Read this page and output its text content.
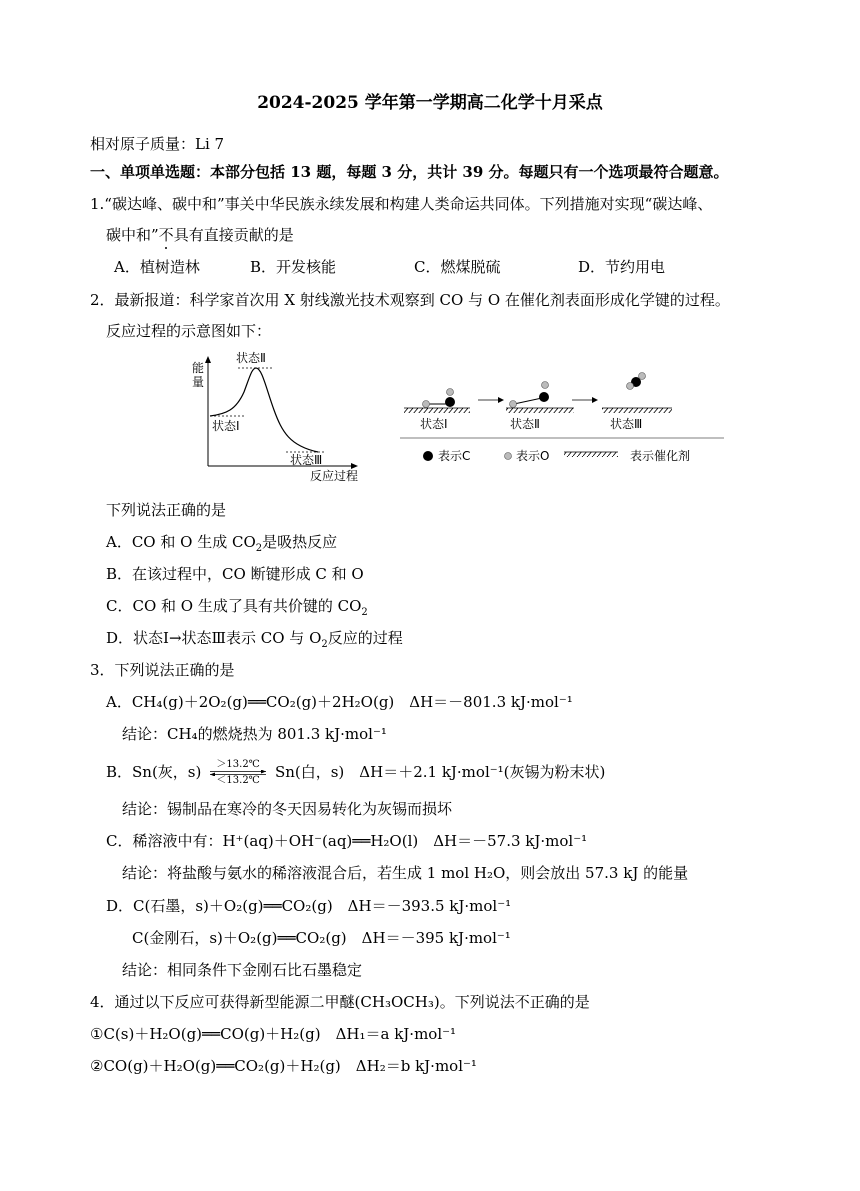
2024-2025 学年第一学期高二化学十月采点
相对原子质量：Li 7
一、单项单选题：本部分包括 13 题，每题 3 分，共计 39 分。每题只有一个选项最符合题意。
1.“碳达峰、碳中和”事关中华民族永续发展和构建人类命运共同体。下列措施对实现“碳达峰、
碳中和”不具有直接贡献的是
A．植树造林	B．开发核能	C．燃煤脱硫	D．节约用电
2．最新报道：科学家首次用 X 射线激光技术观察到 CO 与 O 在催化剂表面形成化学键的过程。
反应过程的示意图如下：
能
量
状态Ⅱ
状态Ⅰ
状态Ⅲ
反应过程
状态Ⅰ	状态Ⅱ	状态Ⅲ
表示C	表示O	表示催化剂
下列说法正确的是
A．CO 和 O 生成 $CO_2$是吸热反应
B．在该过程中，CO 断键形成 C 和 O
C．CO 和 O 生成了具有共价键的 $CO_2$
D．状态Ⅰ→状态Ⅲ表示 CO 与 $O_2$反应的过程
3．下列说法正确的是
A．CH₄(g)＋2O₂(g)══CO₂(g)＋2H₂O(g)　ΔH＝－801.3 kJ·mol⁻¹
结论：CH₄的燃烧热为 801.3 kJ·mol⁻¹
B．Sn(灰，s)	＞13.2℃
＜13.2℃	Sn(白，s)　ΔH＝＋2.1 kJ·mol⁻¹(灰锡为粉末状)
结论：锡制品在寒冷的冬天因易转化为灰锡而损坏
C．稀溶液中有：H⁺(aq)＋OH⁻(aq)══H₂O(l)　ΔH＝－57.3 kJ·mol⁻¹
结论：将盐酸与氨水的稀溶液混合后，若生成 1 mol H₂O，则会放出 57.3 kJ 的能量
D．C(石墨，s)＋O₂(g)══CO₂(g)　ΔH＝－393.5 kJ·mol⁻¹
C(金刚石，s)＋O₂(g)══CO₂(g)　ΔH＝－395 kJ·mol⁻¹
结论：相同条件下金刚石比石墨稳定
4．通过以下反应可获得新型能源二甲醚(CH₃OCH₃)。下列说法不正确的是
①C(s)＋H₂O(g)══CO(g)＋H₂(g)　ΔH₁＝a kJ·mol⁻¹
②CO(g)＋H₂O(g)══CO₂(g)＋H₂(g)　ΔH₂＝b kJ·mol⁻¹
